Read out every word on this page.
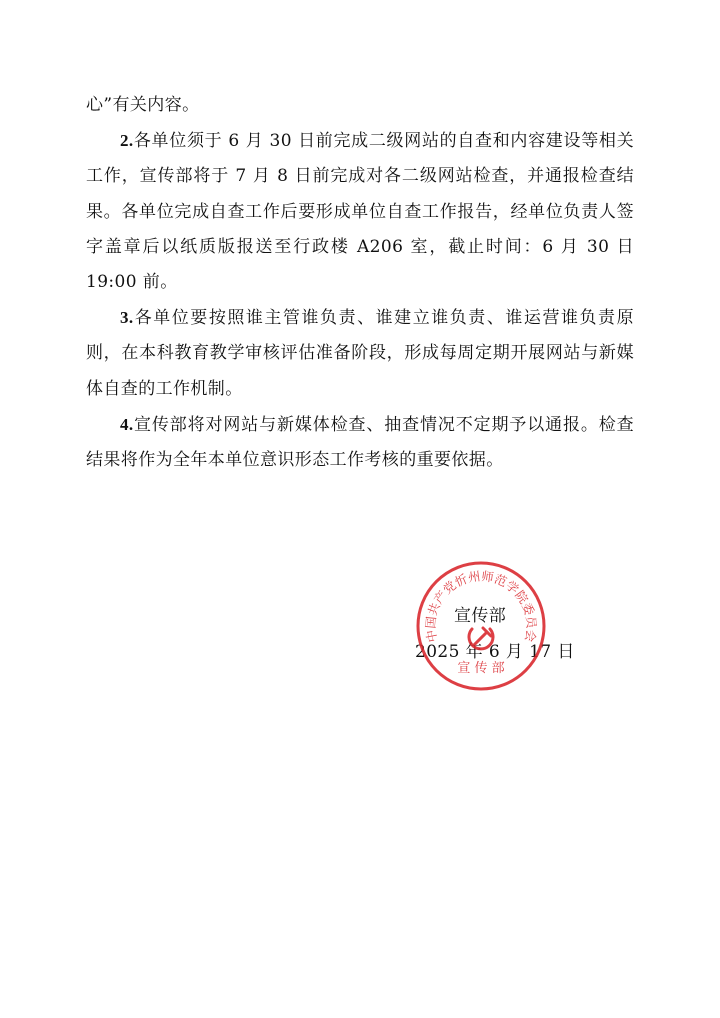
心”有关内容。

2.各单位须于 6 月 30 日前完成二级网站的自查和内容建设等相关工作，宣传部将于 7 月 8 日前完成对各二级网站检查，并通报检查结果。各单位完成自查工作后要形成单位自查工作报告，经单位负责人签字盖章后以纸质版报送至行政楼 A206 室，截止时间：6 月 30 日 19:00 前。

3.各单位要按照谁主管谁负责、谁建立谁负责、谁运营谁负责原则，在本科教育教学审核评估准备阶段，形成每周定期开展网站与新媒体自查的工作机制。

4.宣传部将对网站与新媒体检查、抽查情况不定期予以通报。检查结果将作为全年本单位意识形态工作考核的重要依据。

宣传部
2025 年 6 月 17 日
中国共产党忻州师范学院委员会
宣 传 部
